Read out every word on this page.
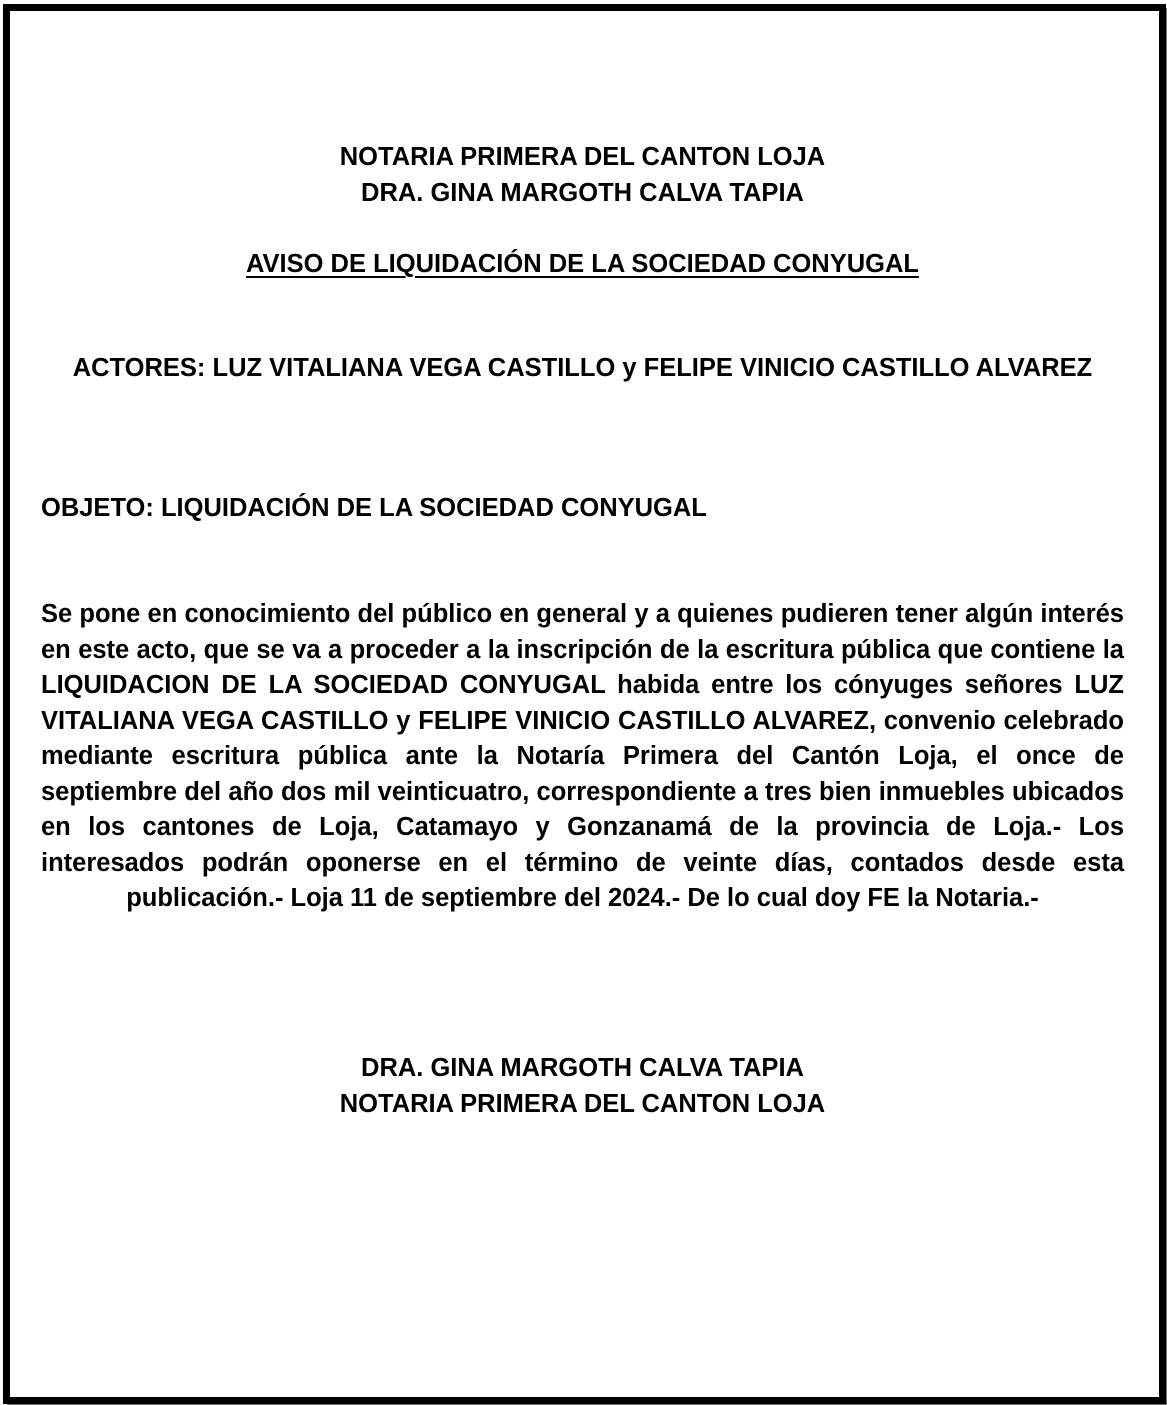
NOTARIA PRIMERA DEL CANTON LOJA
DRA. GINA MARGOTH CALVA TAPIA
AVISO DE LIQUIDACIÓN DE LA SOCIEDAD CONYUGAL
ACTORES: LUZ VITALIANA VEGA CASTILLO y FELIPE VINICIO CASTILLO ALVAREZ
OBJETO: LIQUIDACIÓN DE LA SOCIEDAD CONYUGAL
Se pone en conocimiento del público en general y a quienes pudieren tener algún interés en este acto, que se va a proceder a la inscripción de la escritura pública que contiene la LIQUIDACION DE LA SOCIEDAD CONYUGAL habida entre los cónyuges señores LUZ VITALIANA VEGA CASTILLO y FELIPE VINICIO CASTILLO ALVAREZ, convenio celebrado mediante escritura pública ante la Notaría Primera del Cantón Loja, el once de septiembre del año dos mil veinticuatro, correspondiente a tres bien inmuebles ubicados en los cantones de Loja, Catamayo y Gonzanamá de la provincia de Loja.- Los interesados podrán oponerse en el término de veinte días, contados desde esta publicación.- Loja 11 de septiembre del 2024.- De lo cual doy FE la Notaria.-
DRA. GINA MARGOTH CALVA TAPIA
NOTARIA PRIMERA DEL CANTON LOJA
